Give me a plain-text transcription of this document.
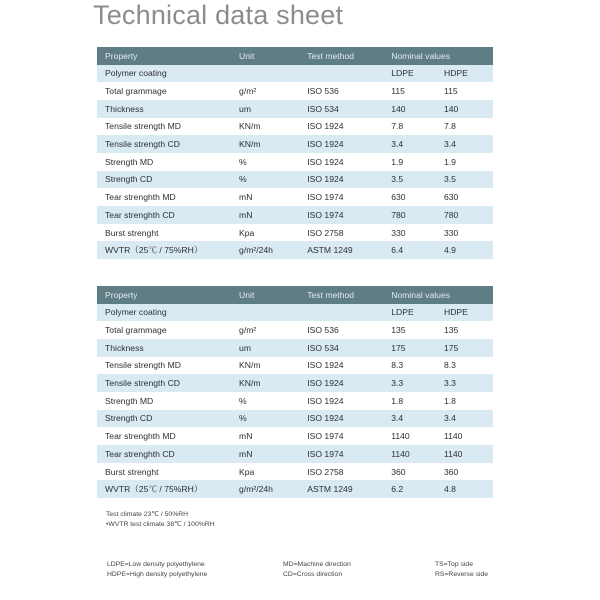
Technical data sheet
Property	Unit	Test method	Nominal values	
Polymer coating			LDPE	HDPE
Total grammage	g/m²	ISO 536	115	115
Thickness	um	ISO 534	140	140
Tensile strength MD	KN/m	ISO 1924	7.8	7.8
Tensile strength CD	KN/m	ISO 1924	3.4	3.4
Strength MD	%	ISO 1924	1.9	1.9
Strength CD	%	ISO 1924	3.5	3.5
Tear strenghth MD	mN	ISO 1974	630	630
Tear strenghth CD	mN	ISO 1974	780	780
Burst strenght	Kpa	ISO 2758	330	330
WVTR（25℃ / 75%RH）	g/m²/24h	ASTM 1249	6.4	4.9
Property	Unit	Test method	Nominal values	
Polymer coating			LDPE	HDPE
Total grammage	g/m²	ISO 536	135	135
Thickness	um	ISO 534	175	175
Tensile strength MD	KN/m	ISO 1924	8.3	8.3
Tensile strength CD	KN/m	ISO 1924	3.3	3.3
Strength MD	%	ISO 1924	1.8	1.8
Strength CD	%	ISO 1924	3.4	3.4
Tear strenghth MD	mN	ISO 1974	1140	1140
Tear strenghth CD	mN	ISO 1974	1140	1140
Burst strenght	Kpa	ISO 2758	360	360
WVTR（25℃ / 75%RH）	g/m²/24h	ASTM 1249	6.2	4.8
Test climate 23℃ / 50%RH
•WVTR test climate 38℃ / 100%RH
LDPE=Low density polyethylene
HDPE=High density polyethylene
MD=Machine direction
CD=Cross direction
TS=Top side
RS=Reverse side
